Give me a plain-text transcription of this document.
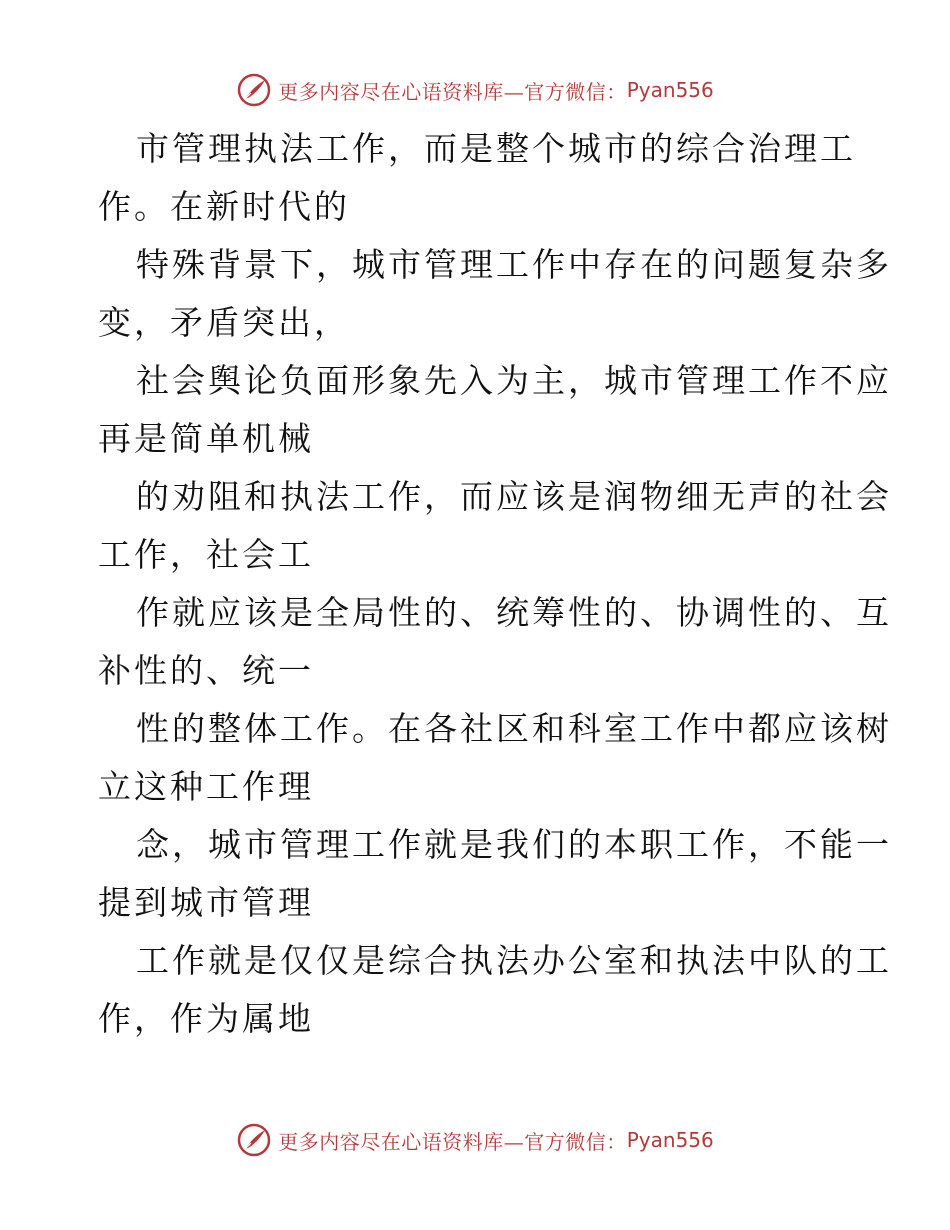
更多内容尽在心语资料库—官方微信： Pyan556

市管理执法工作，而是整个城市的综合治理工
作。在新时代的

特殊背景下，城市管理工作中存在的问题复杂多
变，矛盾突出，

社会舆论负面形象先入为主，城市管理工作不应
再是简单机械

的劝阻和执法工作，而应该是润物细无声的社会
工作，社会工

作就应该是全局性的、统筹性的、协调性的、互
补性的、统一

性的整体工作。在各社区和科室工作中都应该树
立这种工作理

念，城市管理工作就是我们的本职工作，不能一
提到城市管理

工作就是仅仅是综合执法办公室和执法中队的工
作，作为属地

更多内容尽在心语资料库—官方微信： Pyan556
